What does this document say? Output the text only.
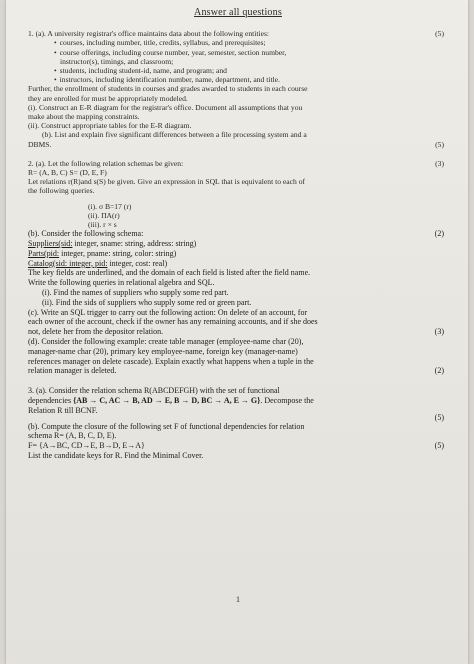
Answer all questions
1. (a). A university registrar's office maintains data about the following entities:	(5)
• courses, including number, title, credits, syllabus, and prerequisites;
• course offerings, including course number, year, semester, section number,
instructor(s), timings, and classroom;
• students, including student-id, name, and program; and
• instructors, including identification number, name, department, and title.
Further, the enrollment of students in courses and grades awarded to students in each course
they are enrolled for must be appropriately modeled.
(i). Construct an E-R diagram for the registrar's office. Document all assumptions that you
make about the mapping constraints.
(ii). Construct appropriate tables for the E-R diagram.
(b). List and explain five significant differences between a file processing system and a
DBMS.	(5)
2. (a). Let the following relation schemas be given:	(3)
R= (A, B, C) S= (D, E, F)
Let relations r(R)and s(S) be given. Give an expression in SQL that is equivalent to each of
the following queries.
(i). σ B=17 (r)
(ii). ΠA(r)
(iii). r × s
(b). Consider the following schema:	(2)
Suppliers(sid: integer, sname: string, address: string)
Parts(pid: integer, pname: string, color: string)
Catalog(sid: integer, pid: integer, cost: real)
The key fields are underlined, and the domain of each field is listed after the field name.
Write the following queries in relational algebra and SQL.
(i). Find the names of suppliers who supply some red part.
(ii). Find the sids of suppliers who supply some red or green part.
(c). Write an SQL trigger to carry out the following action: On delete of an account, for
each owner of the account, check if the owner has any remaining accounts, and if she does
not, delete her from the depositor relation.	(3)
(d). Consider the following example: create table manager (employee-name char (20),
manager-name char (20), primary key employee-name, foreign key (manager-name)
references manager on delete cascade). Explain exactly what happens when a tuple in the
relation manager is deleted.	(2)
3. (a). Consider the relation schema R(ABCDEFGH) with the set of functional
dependencies {AB → C, AC → B, AD → E, B → D, BC → A, E → G}. Decompose the
Relation R till BCNF.
(5)
(b). Compute the closure of the following set F of functional dependencies for relation
schema R= (A, B, C, D, E).
F= {A→BC, CD→E, B→D, E→A}	(5)
List the candidate keys for R. Find the Minimal Cover.
1
